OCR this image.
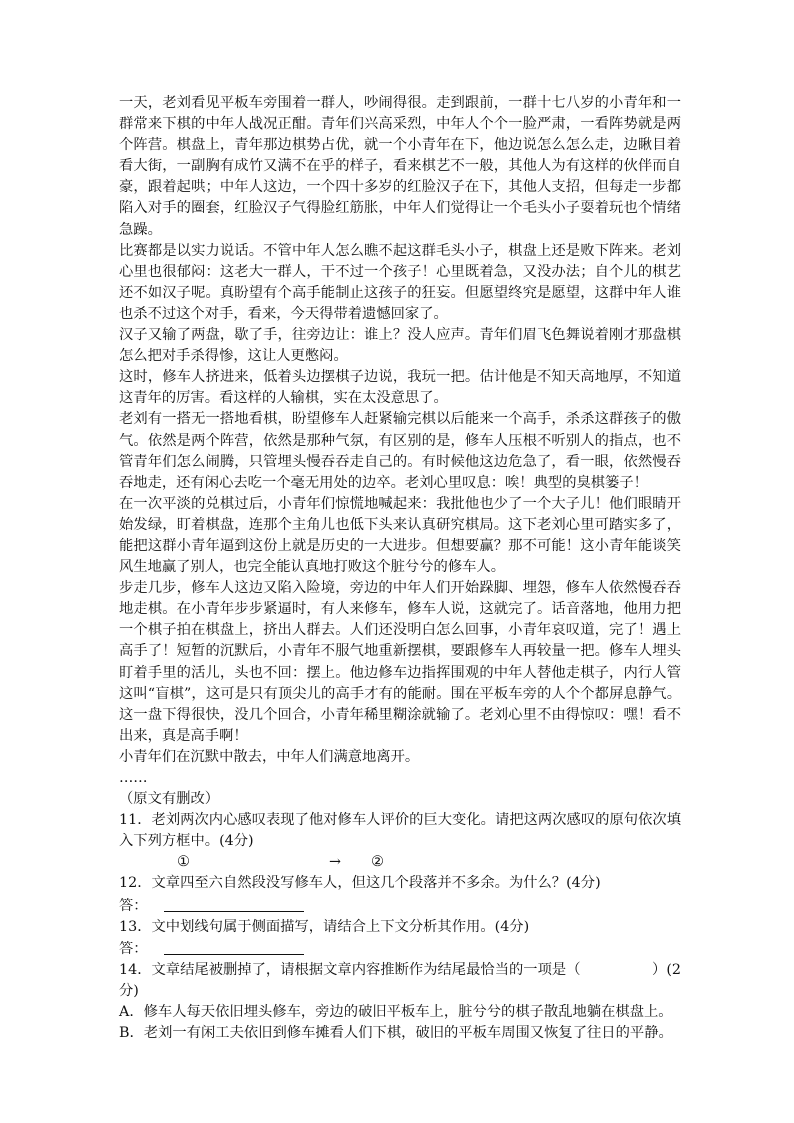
一天，老刘看见平板车旁围着一群人，吵闹得很。走到跟前，一群十七八岁的小青年和一群常来下棋的中年人战况正酣。青年们兴高采烈，中年人个个一脸严肃，一看阵势就是两个阵营。棋盘上，青年那边棋势占优，就一个小青年在下，他边说怎么怎么走，边瞅目着看大街，一副胸有成竹又满不在乎的样子，看来棋艺不一般，其他人为有这样的伙伴而自豪，跟着起哄；中年人这边，一个四十多岁的红脸汉子在下，其他人支招，但每走一步都陷入对手的圈套，红脸汉子气得脸红筋胀，中年人们觉得让一个毛头小子耍着玩也个情绪急躁。

比赛都是以实力说话。不管中年人怎么瞧不起这群毛头小子，棋盘上还是败下阵来。老刘心里也很郁闷：这老大一群人，干不过一个孩子！心里既着急，又没办法；自个儿的棋艺还不如汉子呢。真盼望有个高手能制止这孩子的狂妄。但愿望终究是愿望，这群中年人谁也杀不过这个对手，看来，今天得带着遗憾回家了。

汉子又输了两盘，歇了手，往旁边让：谁上？没人应声。青年们眉飞色舞说着刚才那盘棋怎么把对手杀得惨，这让人更憋闷。

这时，修车人挤进来，低着头边摆棋子边说，我玩一把。估计他是不知天高地厚，不知道这青年的厉害。看这样的人输棋，实在太没意思了。

老刘有一搭无一搭地看棋，盼望修车人赶紧输完棋以后能来一个高手，杀杀这群孩子的傲气。依然是两个阵营，依然是那种气氛，有区别的是，修车人压根不听别人的指点，也不管青年们怎么闹腾，只管埋头慢吞吞走自己的。有时候他这边危急了，看一眼，依然慢吞吞地走，还有闲心去吃一个毫无用处的边卒。老刘心里叹息：唉！典型的臭棋篓子！

在一次平淡的兑棋过后，小青年们惊慌地喊起来：我批他也少了一个大子儿！他们眼睛开始发绿，盯着棋盘，连那个主角儿也低下头来认真研究棋局。这下老刘心里可踏实多了，能把这群小青年逼到这份上就是历史的一大进步。但想要赢？那不可能！这小青年能谈笑风生地赢了别人，也完全能认真地打败这个脏兮兮的修车人。

步走几步，修车人这边又陷入险境，旁边的中年人们开始跺脚、埋怨，修车人依然慢吞吞地走棋。在小青年步步紧逼时，有人来修车，修车人说，这就完了。话音落地，他用力把一个棋子拍在棋盘上，挤出人群去。人们还没明白怎么回事，小青年哀叹道，完了！遇上高手了！短暂的沉默后，小青年不服气地重新摆棋，要跟修车人再较量一把。修车人埋头盯着手里的活儿，头也不回：摆上。他边修车边指挥围观的中年人替他走棋子，内行人管这叫“盲棋”，这可是只有顶尖儿的高手才有的能耐。围在平板车旁的人个个都屏息静气。这一盘下得很快，没几个回合，小青年稀里糊涂就输了。老刘心里不由得惊叹：嘿！看不出来，真是高手啊！

小青年们在沉默中散去，中年人们满意地离开。

……

（原文有删改）

11．老刘两次内心感叹表现了他对修车人评价的巨大变化。请把这两次感叹的原句依次填入下列方框中。(4分)

①	→ ②

12．文章四至六自然段没写修车人，但这几个段落并不多余。为什么？(4分)

答：

13．文中划线句属于侧面描写，请结合上下文分析其作用。(4分)

答：

14．文章结尾被删掉了，请根据文章内容推断作为结尾最恰当的一项是（　　　　　）(2分)

A．修车人每天依旧埋头修车，旁边的破旧平板车上，脏兮兮的棋子散乱地躺在棋盘上。

B．老刘一有闲工夫依旧到修车摊看人们下棋，破旧的平板车周围又恢复了往日的平静。
